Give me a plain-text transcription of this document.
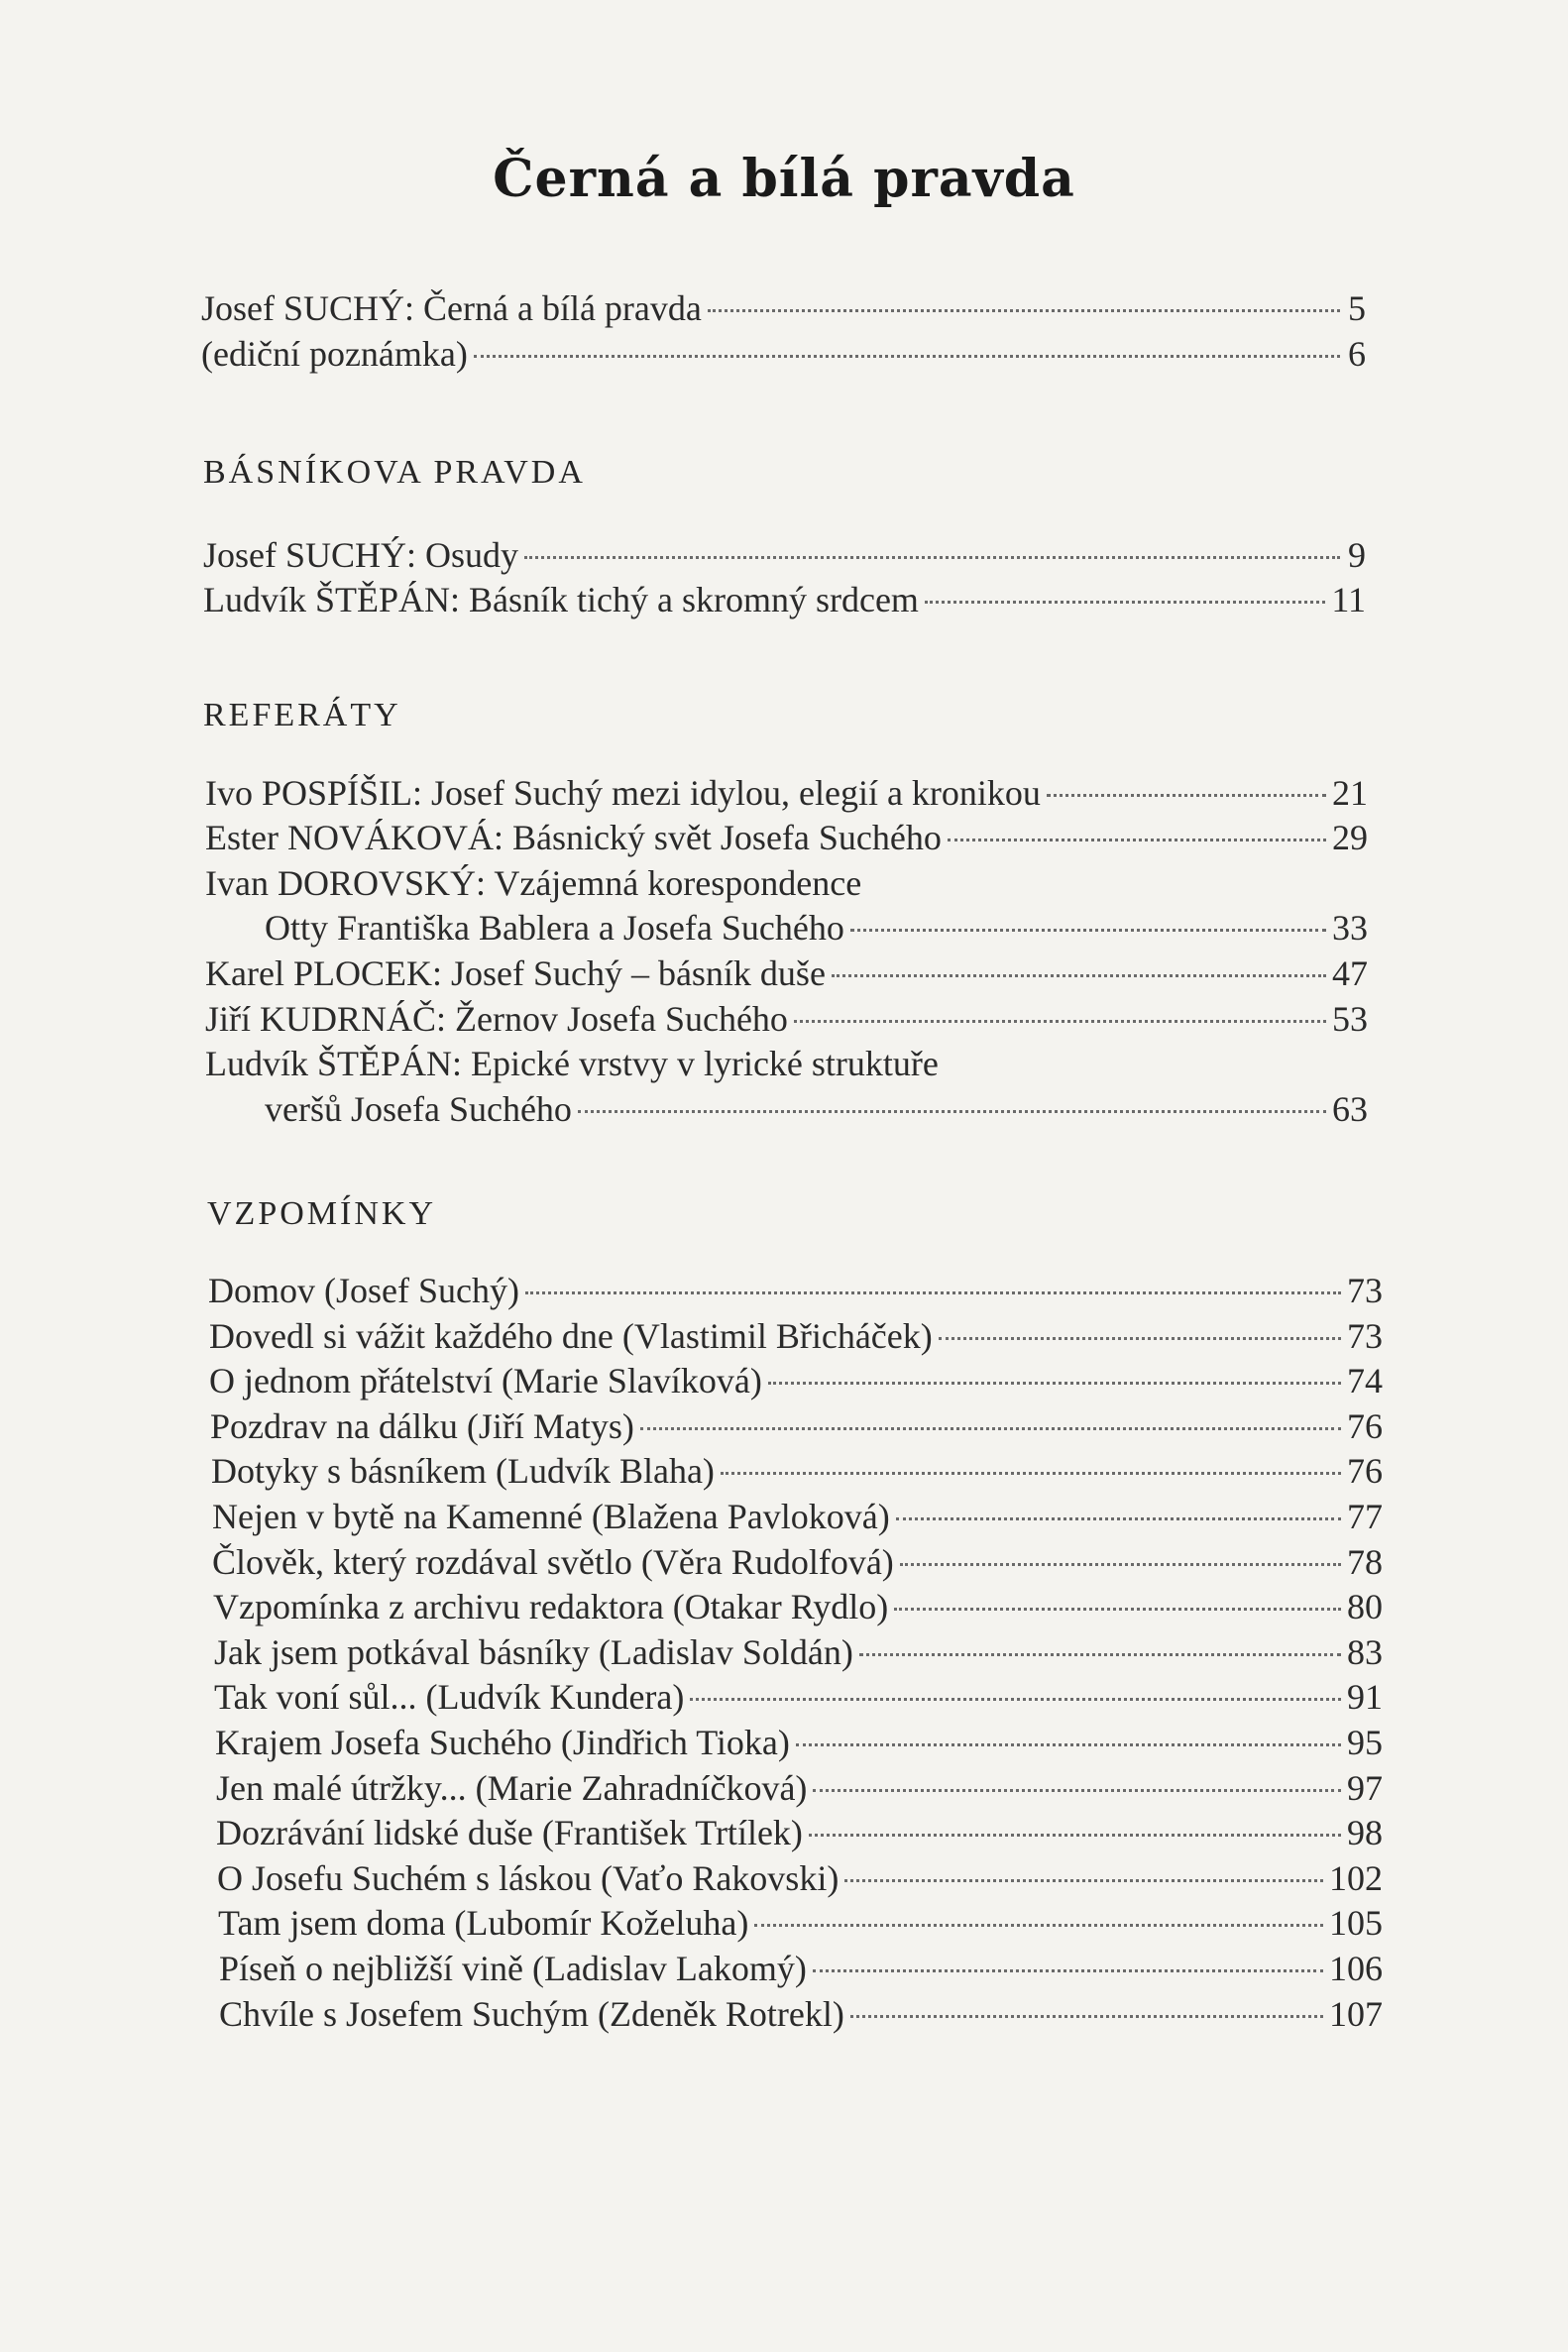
Černá a bílá pravda
Josef SUCHÝ: Černá a bílá pravda	5
(ediční poznámka)	6
BÁSNÍKOVA PRAVDA
Josef SUCHÝ: Osudy	9
Ludvík ŠTĚPÁN: Básník tichý a skromný srdcem	11
REFERÁTY
Ivo POSPÍŠIL: Josef Suchý mezi idylou, elegií a kronikou	21
Ester NOVÁKOVÁ: Básnický svět Josefa Suchého	29
Ivan DOROVSKÝ: Vzájemná korespondence
Otty Františka Bablera a Josefa Suchého	33
Karel PLOCEK: Josef Suchý – básník duše	47
Jiří KUDRNÁČ: Žernov Josefa Suchého	53
Ludvík ŠTĚPÁN: Epické vrstvy v lyrické struktuře
veršů Josefa Suchého	63
VZPOMÍNKY
Domov (Josef Suchý)	73
Dovedl si vážit každého dne (Vlastimil Břicháček)	73
O jednom přátelství (Marie Slavíková)	74
Pozdrav na dálku (Jiří Matys)	76
Dotyky s básníkem (Ludvík Blaha)	76
Nejen v bytě na Kamenné (Blažena Pavloková)	77
Člověk, který rozdával světlo (Věra Rudolfová)	78
Vzpomínka z archivu redaktora (Otakar Rydlo)	80
Jak jsem potkával básníky (Ladislav Soldán)	83
Tak voní sůl... (Ludvík Kundera)	91
Krajem Josefa Suchého (Jindřich Tioka)	95
Jen malé útržky... (Marie Zahradníčková)	97
Dozrávání lidské duše (František Trtílek)	98
O Josefu Suchém s láskou (Vaťo Rakovski)	102
Tam jsem doma (Lubomír Koželuha)	105
Píseň o nejbližší vině (Ladislav Lakomý)	106
Chvíle s Josefem Suchým (Zdeněk Rotrekl)	107
